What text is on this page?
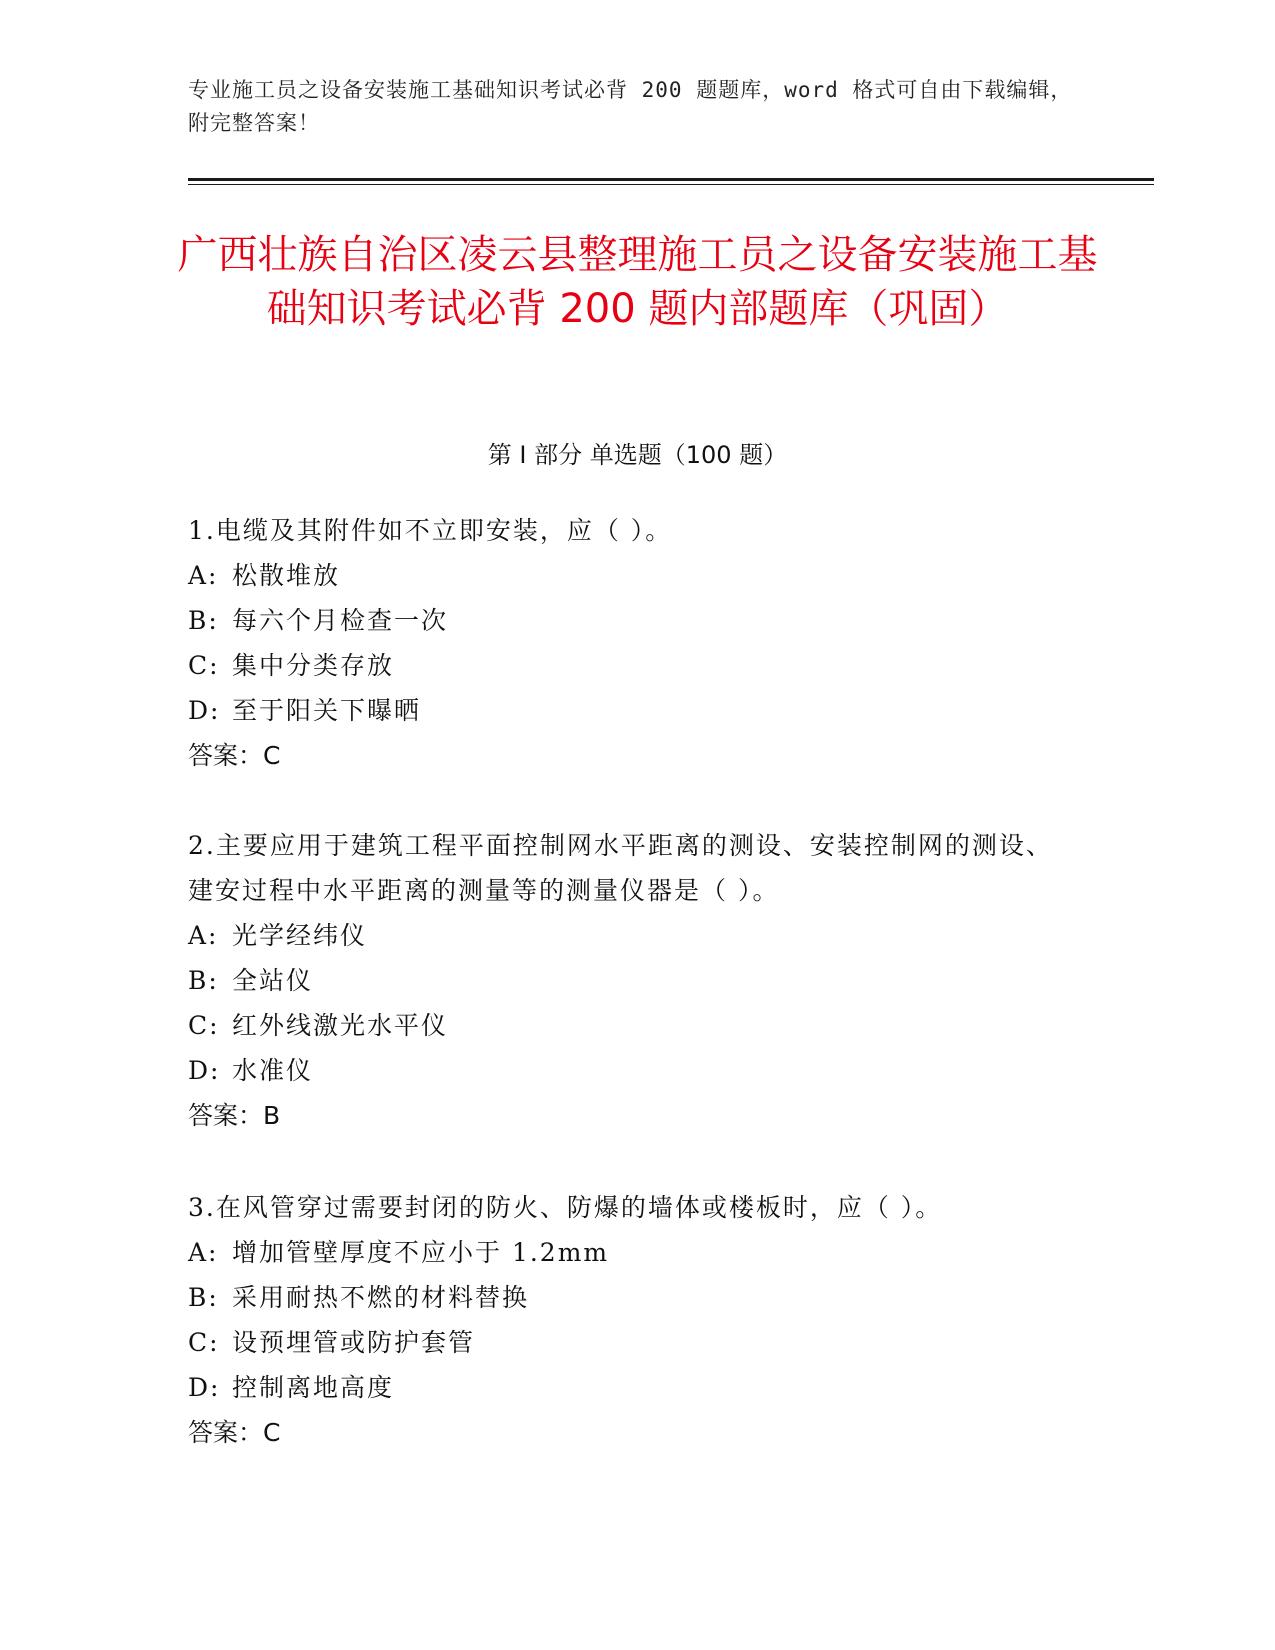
专业施工员之设备安装施工基础知识考试必背 200 题题库，word 格式可自由下载编辑，附完整答案！
广西壮族自治区凌云县整理施工员之设备安装施工基础知识考试必背 200 题内部题库（巩固）
第 I 部分 单选题（100 题）
1.电缆及其附件如不立即安装，应（ ）。
A: 松散堆放
B: 每六个月检查一次
C: 集中分类存放
D: 至于阳关下曝晒
答案：C
2.主要应用于建筑工程平面控制网水平距离的测设、安装控制网的测设、建安过程中水平距离的测量等的测量仪器是（ ）。
A: 光学经纬仪
B: 全站仪
C: 红外线激光水平仪
D: 水准仪
答案：B
3.在风管穿过需要封闭的防火、防爆的墙体或楼板时，应（ ）。
A: 增加管壁厚度不应小于 1.2mm
B: 采用耐热不燃的材料替换
C: 设预埋管或防护套管
D: 控制离地高度
答案：C
